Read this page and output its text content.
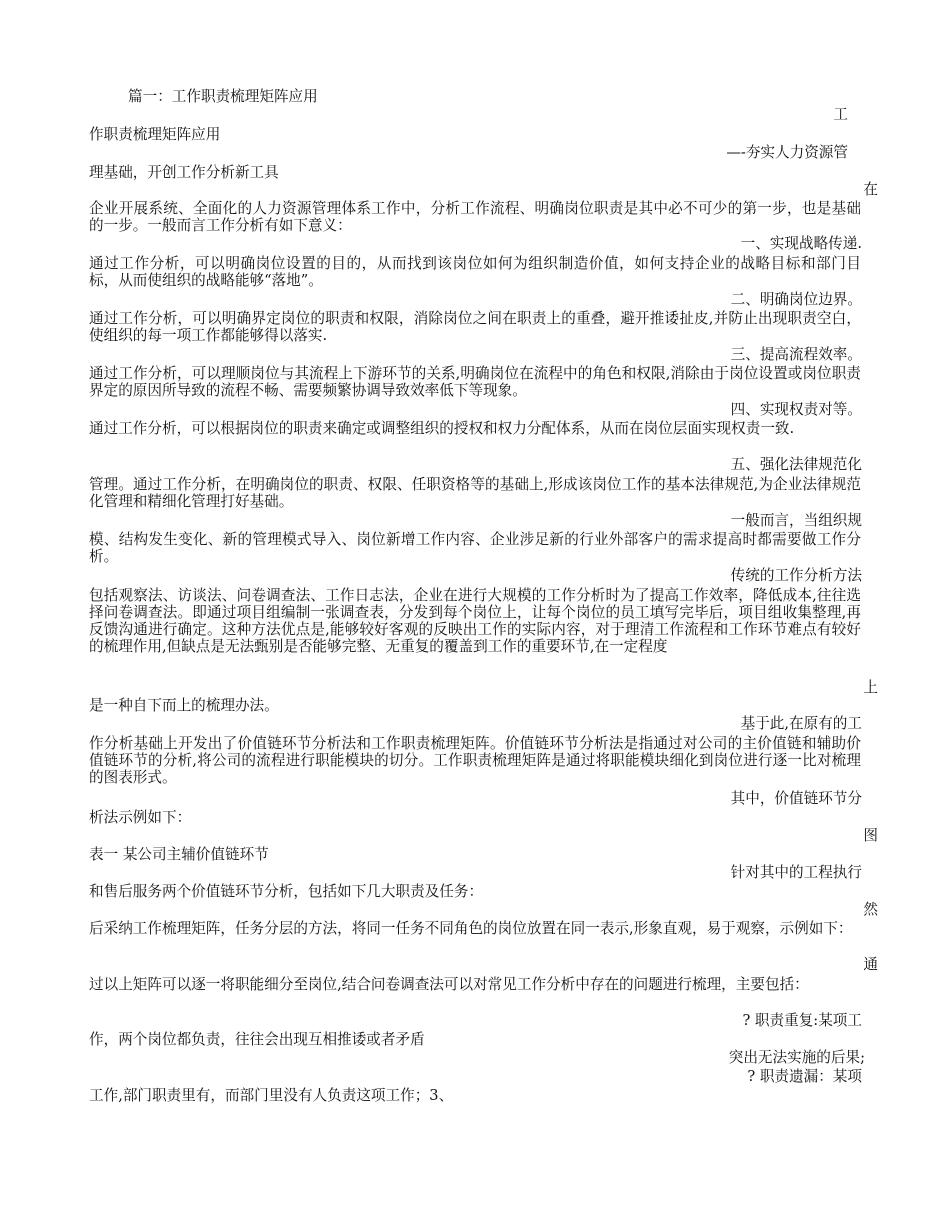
篇一：工作职责梳理矩阵应用
工
作职责梳理矩阵应用
—-夯实人力资源管
理基础，开创工作分析新工具
在
企业开展系统、全面化的人力资源管理体系工作中，分析工作流程、明确岗位职责是其中必不可少的第一步，也是基础的一步。一般而言工作分析有如下意义：
一、实现战略传递.
通过工作分析，可以明确岗位设置的目的，从而找到该岗位如何为组织制造价值，如何支持企业的战略目标和部门目标，从而使组织的战略能够“落地”。
二、明确岗位边界。
通过工作分析，可以明确界定岗位的职责和权限，消除岗位之间在职责上的重叠，避开推诿扯皮,并防止出现职责空白，使组织的每一项工作都能够得以落实.
三、提高流程效率。
通过工作分析，可以理顺岗位与其流程上下游环节的关系,明确岗位在流程中的角色和权限,消除由于岗位设置或岗位职责界定的原因所导致的流程不畅、需要频繁协调导致效率低下等现象。
四、实现权责对等。
通过工作分析，可以根据岗位的职责来确定或调整组织的授权和权力分配体系，从而在岗位层面实现权责一致.
五、强化法律规范化
管理。通过工作分析，在明确岗位的职责、权限、任职资格等的基础上,形成该岗位工作的基本法律规范,为企业法律规范化管理和精细化管理打好基础。
一般而言，当组织规
模、结构发生变化、新的管理模式导入、岗位新增工作内容、企业涉足新的行业外部客户的需求提高时都需要做工作分析。
传统的工作分析方法
包括观察法、访谈法、问卷调查法、工作日志法，企业在进行大规模的工作分析时为了提高工作效率，降低成本,往往选择问卷调查法。即通过项目组编制一张调查表，分发到每个岗位上，让每个岗位的员工填写完毕后，项目组收集整理,再反馈沟通进行确定。这种方法优点是,能够较好客观的反映出工作的实际内容，对于理清工作流程和工作环节难点有较好的梳理作用,但缺点是无法甄别是否能够完整、无重复的覆盖到工作的重要环节,在一定程度
上
是一种自下而上的梳理办法。
基于此,在原有的工
作分析基础上开发出了价值链环节分析法和工作职责梳理矩阵。价值链环节分析法是指通过对公司的主价值链和辅助价值链环节的分析,将公司的流程进行职能模块的切分。工作职责梳理矩阵是通过将职能模块细化到岗位进行逐一比对梳理的图表形式。
其中，价值链环节分
析法示例如下：
图
表一 某公司主辅价值链环节
针对其中的工程执行
和售后服务两个价值链环节分析，包括如下几大职责及任务：
然
后采纳工作梳理矩阵，任务分层的方法，将同一任务不同角色的岗位放置在同一表示,形象直观，易于观察，示例如下：
通
过以上矩阵可以逐一将职能细分至岗位,结合问卷调查法可以对常见工作分析中存在的问题进行梳理，主要包括：
? 职责重复:某项工
作，两个岗位都负责，往往会出现互相推诿或者矛盾
突出无法实施的后果;
? 职责遗漏：某项
工作,部门职责里有，而部门里没有人负责这项工作；3、
